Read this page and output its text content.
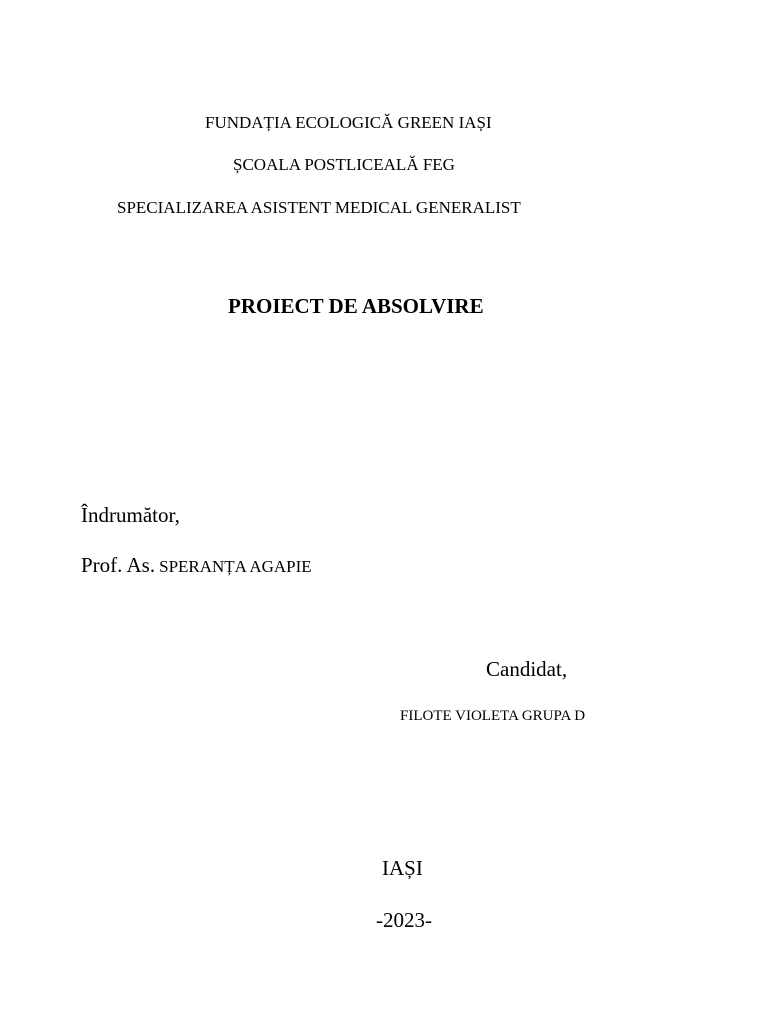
FUNDAȚIA ECOLOGICĂ GREEN IAȘI
ȘCOALA POSTLICEALĂ FEG
SPECIALIZAREA ASISTENT MEDICAL GENERALIST
PROIECT DE ABSOLVIRE
Îndrumător,
Prof. As. SPERANȚA AGAPIE
Candidat,
FILOTE VIOLETA GRUPA D
IAȘI
-2023-
